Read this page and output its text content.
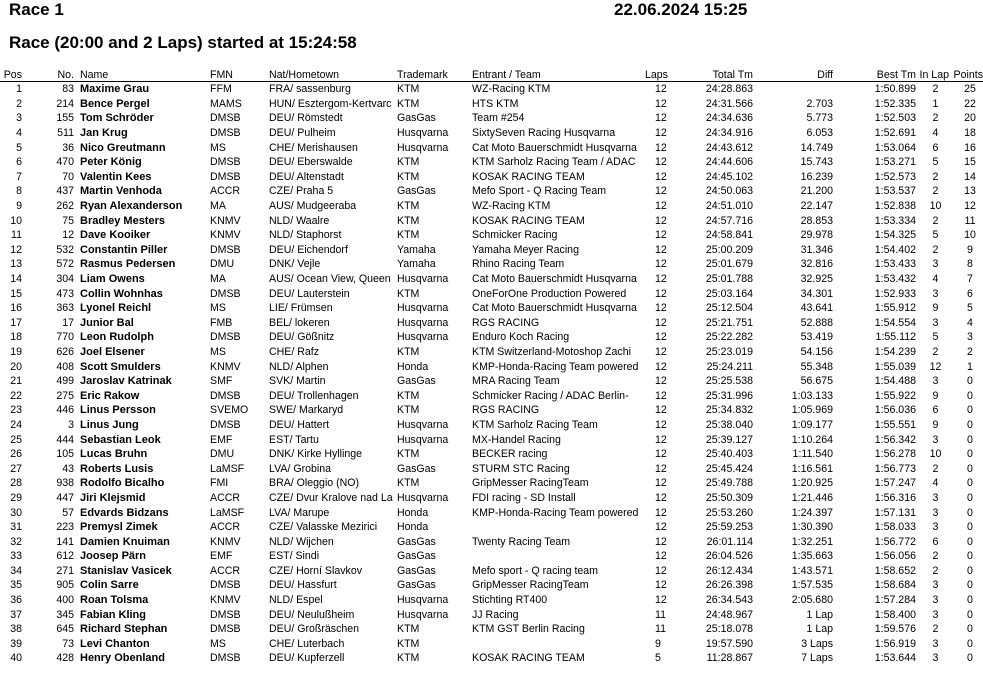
Race 1	22.06.2024 15:25
Race (20:00 and 2 Laps) started at 15:24:58
Pos	No.	Name	FMN	Nat/Hometown	Trademark	Entrant / Team	Laps	Total Tm	Diff	Best Tm	In Lap	Points
1	83	Maxime Grau	FFM	FRA/ sassenburg	KTM	WZ-Racing KTM	12	24:28.863		1:50.899	2	25
2	214	Bence Pergel	MAMS	HUN/ Esztergom-Kertvarc	KTM	HTS KTM	12	24:31.566	2.703	1:52.335	1	22
3	155	Tom Schröder	DMSB	DEU/ Römstedt	GasGas	Team #254	12	24:34.636	5.773	1:52.503	2	20
4	511	Jan Krug	DMSB	DEU/ Pulheim	Husqvarna	SixtySeven Racing Husqvarna	12	24:34.916	6.053	1:52.691	4	18
5	36	Nico Greutmann	MS	CHE/ Merishausen	Husqvarna	Cat Moto Bauerschmidt Husqvarna	12	24:43.612	14.749	1:53.064	6	16
6	470	Peter König	DMSB	DEU/ Eberswalde	KTM	KTM Sarholz Racing Team / ADAC	12	24:44.606	15.743	1:53.271	5	15
7	70	Valentin Kees	DMSB	DEU/ Altenstadt	KTM	KOSAK RACING TEAM	12	24:45.102	16.239	1:52.573	2	14
8	437	Martin Venhoda	ACCR	CZE/ Praha 5	GasGas	Mefo Sport - Q Racing Team	12	24:50.063	21.200	1:53.537	2	13
9	262	Ryan Alexanderson	MA	AUS/ Mudgeeraba	KTM	WZ-Racing KTM	12	24:51.010	22.147	1:52.838	10	12
10	75	Bradley Mesters	KNMV	NLD/ Waalre	KTM	KOSAK RACING TEAM	12	24:57.716	28.853	1:53.334	2	11
11	12	Dave Kooiker	KNMV	NLD/ Staphorst	KTM	Schmicker Racing	12	24:58.841	29.978	1:54.325	5	10
12	532	Constantin Piller	DMSB	DEU/ Eichendorf	Yamaha	Yamaha Meyer Racing	12	25:00.209	31.346	1:54.402	2	9
13	572	Rasmus Pedersen	DMU	DNK/ Vejle	Yamaha	Rhino Racing Team	12	25:01.679	32.816	1:53.433	3	8
14	304	Liam Owens	MA	AUS/ Ocean View, Queen	Husqvarna	Cat Moto Bauerschmidt Husqvarna	12	25:01.788	32.925	1:53.432	4	7
15	473	Collin Wohnhas	DMSB	DEU/ Lauterstein	KTM	OneForOne Production Powered	12	25:03.164	34.301	1:52.933	3	6
16	363	Lyonel Reichl	MS	LIE/ Frümsen	Husqvarna	Cat Moto Bauerschmidt Husqvarna	12	25:12.504	43.641	1:55.912	9	5
17	17	Junior Bal	FMB	BEL/ lokeren	Husqvarna	RGS RACING	12	25:21.751	52.888	1:54.554	3	4
18	770	Leon Rudolph	DMSB	DEU/ Gößnitz	Husqvarna	Enduro Koch Racing	12	25:22.282	53.419	1:55.112	5	3
19	626	Joel Elsener	MS	CHE/ Rafz	KTM	KTM Switzerland-Motoshop Zachi	12	25:23.019	54.156	1:54.239	2	2
20	408	Scott Smulders	KNMV	NLD/ Alphen	Honda	KMP-Honda-Racing Team powered	12	25:24.211	55.348	1:55.039	12	1
21	499	Jaroslav Katrinak	SMF	SVK/ Martin	GasGas	MRA Racing Team	12	25:25.538	56.675	1:54.488	3	0
22	275	Eric Rakow	DMSB	DEU/ Trollenhagen	KTM	Schmicker Racing / ADAC Berlin-	12	25:31.996	1:03.133	1:55.922	9	0
23	446	Linus Persson	SVEMO	SWE/ Markaryd	KTM	RGS RACING	12	25:34.832	1:05.969	1:56.036	6	0
24	3	Linus Jung	DMSB	DEU/ Hattert	Husqvarna	KTM Sarholz Racing Team	12	25:38.040	1:09.177	1:55.551	9	0
25	444	Sebastian Leok	EMF	EST/ Tartu	Husqvarna	MX-Handel Racing	12	25:39.127	1:10.264	1:56.342	3	0
26	105	Lucas Bruhn	DMU	DNK/ Kirke Hyllinge	KTM	BECKER racing	12	25:40.403	1:11.540	1:56.278	10	0
27	43	Roberts Lusis	LaMSF	LVA/ Grobina	GasGas	STURM STC Racing	12	25:45.424	1:16.561	1:56.773	2	0
28	938	Rodolfo Bicalho	FMI	BRA/ Oleggio (NO)	KTM	GripMesser RacingTeam	12	25:49.788	1:20.925	1:57.247	4	0
29	447	Jiri Klejsmid	ACCR	CZE/ Dvur Kralove nad La	Husqvarna	FDI racing - SD Install	12	25:50.309	1:21.446	1:56.316	3	0
30	57	Edvards Bidzans	LaMSF	LVA/ Marupe	Honda	KMP-Honda-Racing Team powered	12	25:53.260	1:24.397	1:57.131	3	0
31	223	Premysl Zimek	ACCR	CZE/ Valasske Mezirici	Honda		12	25:59.253	1:30.390	1:58.033	3	0
32	141	Damien Knuiman	KNMV	NLD/ Wijchen	GasGas	Twenty Racing Team	12	26:01.114	1:32.251	1:56.772	6	0
33	612	Joosep Pärn	EMF	EST/ Sindi	GasGas		12	26:04.526	1:35.663	1:56.056	2	0
34	271	Stanislav Vasicek	ACCR	CZE/ Horní Slavkov	GasGas	Mefo sport - Q racing team	12	26:12.434	1:43.571	1:58.652	2	0
35	905	Colin Sarre	DMSB	DEU/ Hassfurt	GasGas	GripMesser RacingTeam	12	26:26.398	1:57.535	1:58.684	3	0
36	400	Roan Tolsma	KNMV	NLD/ Espel	Husqvarna	Stichting RT400	12	26:34.543	2:05.680	1:57.284	3	0
37	345	Fabian Kling	DMSB	DEU/ Neulußheim	Husqvarna	JJ Racing	11	24:48.967	1 Lap	1:58.400	3	0
38	645	Richard Stephan	DMSB	DEU/ Großräschen	KTM	KTM GST Berlin Racing	11	25:18.078	1 Lap	1:59.576	2	0
39	73	Levi Chanton	MS	CHE/ Luterbach	KTM		9	19:57.590	3 Laps	1:56.919	3	0
40	428	Henry Obenland	DMSB	DEU/ Kupferzell	KTM	KOSAK RACING TEAM	5	11:28.867	7 Laps	1:53.644	3	0
